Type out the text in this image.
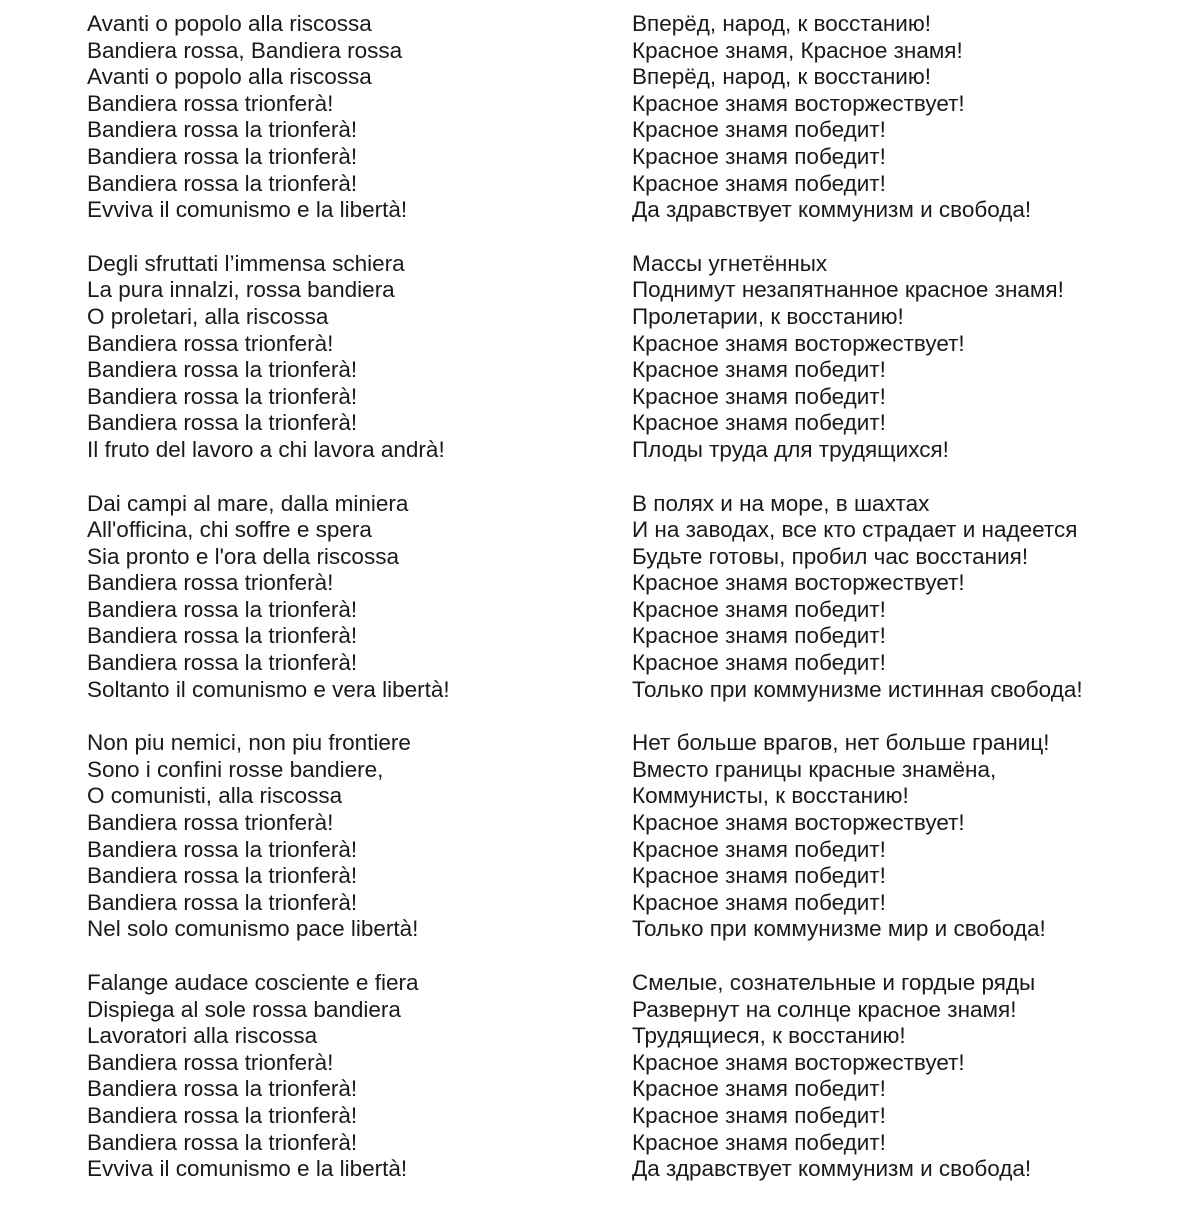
Avanti o popolo alla riscossa
Bandiera rossa, Bandiera rossa
Avanti o popolo alla riscossa
Bandiera rossa trionferà!
Bandiera rossa la trionferà!
Bandiera rossa la trionferà!
Bandiera rossa la trionferà!
Evviva il comunismo e la libertà!
Degli sfruttati l’immensa schiera
La pura innalzi, rossa bandiera
O proletari, alla riscossa
Bandiera rossa trionferà!
Bandiera rossa la trionferà!
Bandiera rossa la trionferà!
Bandiera rossa la trionferà!
Il fruto del lavoro a chi lavora andrà!
Dai campi al mare, dalla miniera
All'officina, chi soffre e spera
Sia pronto e l'ora della riscossa
Bandiera rossa trionferà!
Bandiera rossa la trionferà!
Bandiera rossa la trionferà!
Bandiera rossa la trionferà!
Soltanto il comunismo e vera libertà!
Non piu nemici, non piu frontiere
Sono i confini rosse bandiere,
O comunisti, alla riscossa
Bandiera rossa trionferà!
Bandiera rossa la trionferà!
Bandiera rossa la trionferà!
Bandiera rossa la trionferà!
Nel solo comunismo pace libertà!
Falange audace cosciente e fiera
Dispiega al sole rossa bandiera
Lavoratori alla riscossa
Bandiera rossa trionferà!
Bandiera rossa la trionferà!
Bandiera rossa la trionferà!
Bandiera rossa la trionferà!
Evviva il comunismo e la libertà!
Вперёд, народ, к восстанию!
Красное знамя, Красное знамя!
Вперёд, народ, к восстанию!
Красное знамя восторжествует!
Красное знамя победит!
Красное знамя победит!
Красное знамя победит!
Да здравствует коммунизм и свобода!
Массы угнетённых
Поднимут незапятнанное красное знамя!
Пролетарии, к восстанию!
Красное знамя восторжествует!
Красное знамя победит!
Красное знамя победит!
Красное знамя победит!
Плоды труда для трудящихся!
В полях и на море, в шахтах
И на заводах, все кто страдает и надеется
Будьте готовы, пробил час восстания!
Красное знамя восторжествует!
Красное знамя победит!
Красное знамя победит!
Красное знамя победит!
Только при коммунизме истинная свобода!
Нет больше врагов, нет больше границ!
Вместо границы красные знамёна,
Коммунисты, к восстанию!
Красное знамя восторжествует!
Красное знамя победит!
Красное знамя победит!
Красное знамя победит!
Только при коммунизме мир и свобода!
Смелые, сознательные и гордые ряды
Развернут на солнце красное знамя!
Трудящиеся, к восстанию!
Красное знамя восторжествует!
Красное знамя победит!
Красное знамя победит!
Красное знамя победит!
Да здравствует коммунизм и свобода!
